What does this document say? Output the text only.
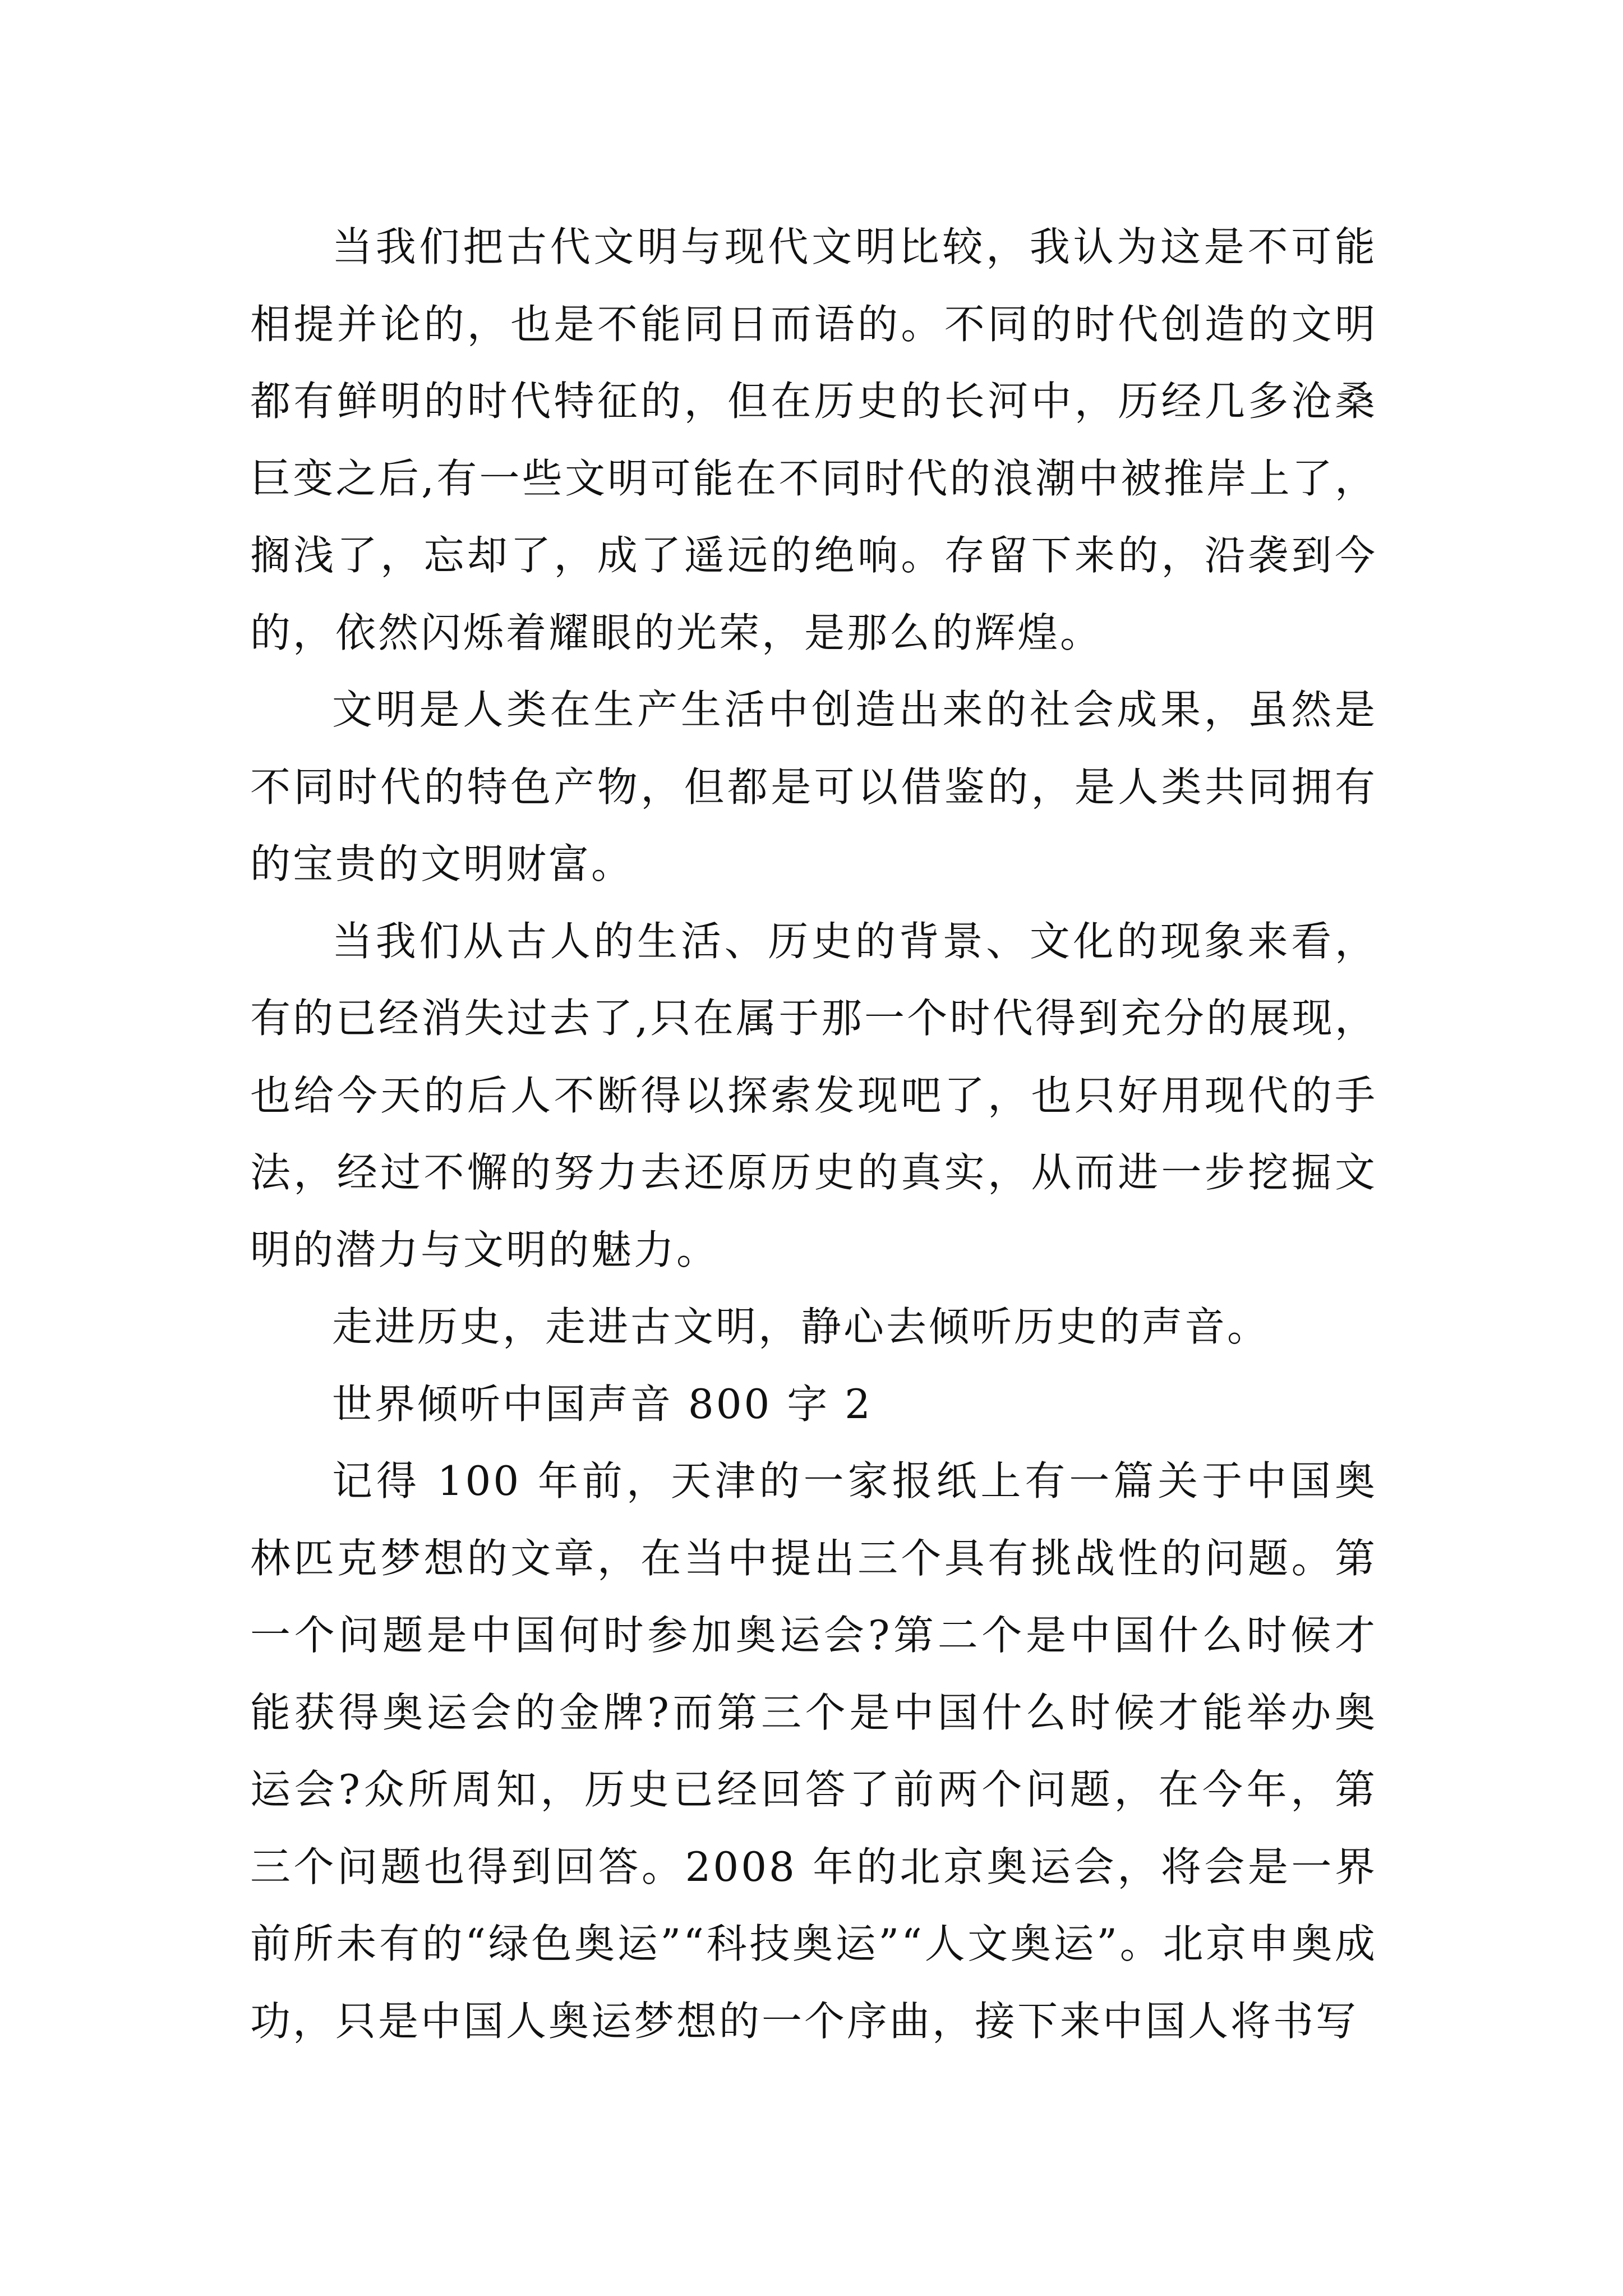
当我们把古代文明与现代文明比较，我认为这是不可能相提并论的，也是不能同日而语的。不同的时代创造的文明都有鲜明的时代特征的，但在历史的长河中，历经几多沧桑巨变之后,有一些文明可能在不同时代的浪潮中被推岸上了，搁浅了，忘却了，成了遥远的绝响。存留下来的，沿袭到今的，依然闪烁着耀眼的光荣，是那么的辉煌。

文明是人类在生产生活中创造出来的社会成果，虽然是不同时代的特色产物，但都是可以借鉴的，是人类共同拥有的宝贵的文明财富。

当我们从古人的生活、历史的背景、文化的现象来看，有的已经消失过去了,只在属于那一个时代得到充分的展现，也给今天的后人不断得以探索发现吧了，也只好用现代的手法，经过不懈的努力去还原历史的真实，从而进一步挖掘文明的潜力与文明的魅力。

走进历史，走进古文明，静心去倾听历史的声音。

世界倾听中国声音 800 字 2

记得 100 年前，天津的一家报纸上有一篇关于中国奥林匹克梦想的文章，在当中提出三个具有挑战性的问题。第一个问题是中国何时参加奥运会?第二个是中国什么时候才能获得奥运会的金牌?而第三个是中国什么时候才能举办奥运会?众所周知，历史已经回答了前两个问题，在今年，第三个问题也得到回答。2008 年的北京奥运会，将会是一界前所未有的“绿色奥运”“科技奥运”“人文奥运”。北京申奥成功，只是中国人奥运梦想的一个序曲，接下来中国人将书写
